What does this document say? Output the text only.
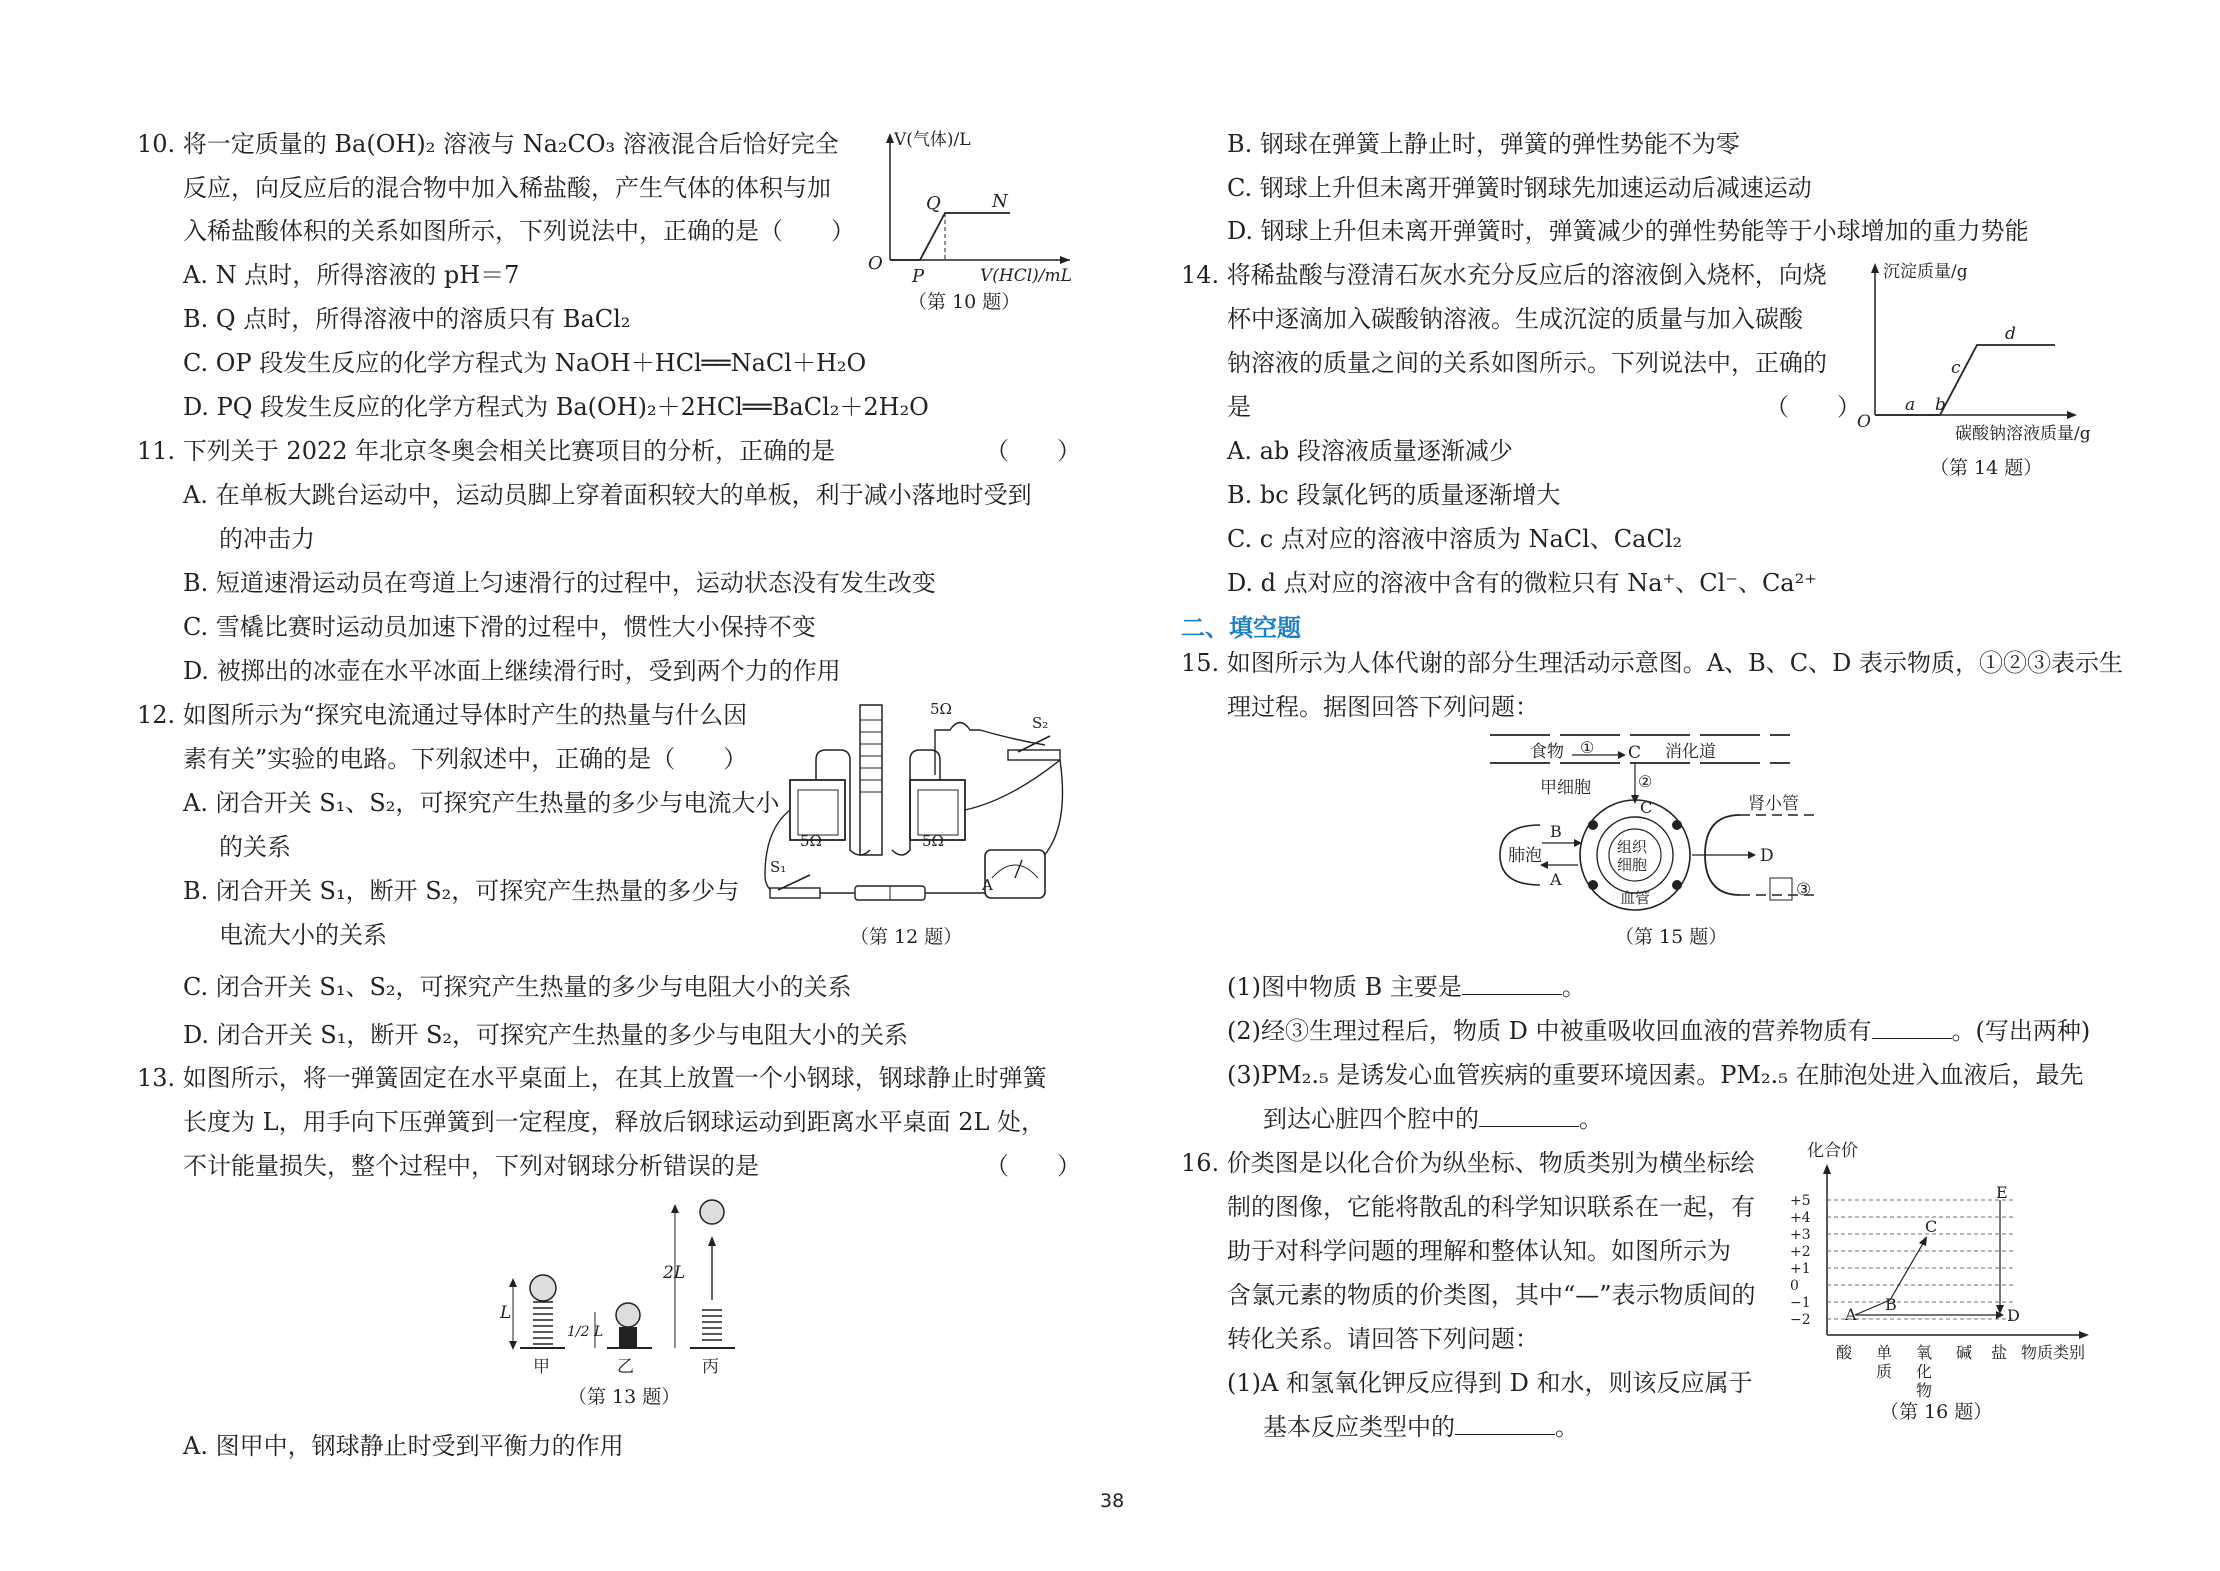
10. 将一定质量的 Ba(OH)₂ 溶液与 Na₂CO₃ 溶液混合后恰好完全
反应，向反应后的混合物中加入稀盐酸，产生气体的体积与加
入稀盐酸体积的关系如图所示，下列说法中，正确的是（　　）
A. N 点时，所得溶液的 pH＝7
B. Q 点时，所得溶液中的溶质只有 BaCl₂
C. OP 段发生反应的化学方程式为 NaOH＋HCl══NaCl＋H₂O
D. PQ 段发生反应的化学方程式为 Ba(OH)₂＋2HCl══BaCl₂＋2H₂O
V(气体)/L
V(HCl)/mL
O
P
Q	N
（第 10 题）
11. 下列关于 2022 年北京冬奥会相关比赛项目的分析，正确的是	（　　）
A. 在单板大跳台运动中，运动员脚上穿着面积较大的单板，利于减小落地时受到
的冲击力
B. 短道速滑运动员在弯道上匀速滑行的过程中，运动状态没有发生改变
C. 雪橇比赛时运动员加速下滑的过程中，惯性大小保持不变
D. 被掷出的冰壶在水平冰面上继续滑行时，受到两个力的作用
12. 如图所示为“探究电流通过导体时产生的热量与什么因
素有关”实验的电路。下列叙述中，正确的是（　　）
A. 闭合开关 S₁、S₂，可探究产生热量的多少与电流大小
的关系
B. 闭合开关 S₁，断开 S₂，可探究产生热量的多少与
电流大小的关系
C. 闭合开关 S₁、S₂，可探究产生热量的多少与电阻大小的关系
D. 闭合开关 S₁，断开 S₂，可探究产生热量的多少与电阻大小的关系
5Ω	5Ω
5Ω
S₂
S₁
A
（第 12 题）
13. 如图所示，将一弹簧固定在水平桌面上，在其上放置一个小钢球，钢球静止时弹簧
长度为 L，用手向下压弹簧到一定程度，释放后钢球运动到距离水平桌面 2L 处，
不计能量损失，整个过程中，下列对钢球分析错误的是	（　　）
L
甲
1/2 L
乙
2L
丙
（第 13 题）
A. 图甲中，钢球静止时受到平衡力的作用
B. 钢球在弹簧上静止时，弹簧的弹性势能不为零
C. 钢球上升但未离开弹簧时钢球先加速运动后减速运动
D. 钢球上升但未离开弹簧时，弹簧减少的弹性势能等于小球增加的重力势能
14. 将稀盐酸与澄清石灰水充分反应后的溶液倒入烧杯，向烧
杯中逐滴加入碳酸钠溶液。生成沉淀的质量与加入碳酸
钠溶液的质量之间的关系如图所示。下列说法中，正确的
是	（　　）
A. ab 段溶液质量逐渐减少
B. bc 段氯化钙的质量逐渐增大
C. c 点对应的溶液中溶质为 NaCl、CaCl₂
D. d 点对应的溶液中含有的微粒只有 Na⁺、Cl⁻、Ca²⁺
沉淀质量/g
碳酸钠溶液质量/g
O
a b
c
d
（第 14 题）
二、填空题
15. 如图所示为人体代谢的部分生理活动示意图。A、B、C、D 表示物质，①②③表示生
理过程。据图回答下列问题：
食物 ① C 消化道
甲细胞	②
C
组织
细胞
血管
肺泡
B
A
肾小管
D
③
（第 15 题）
(1)图中物质 B 主要是	。
(2)经③生理过程后，物质 D 中被重吸收回血液的营养物质有	。(写出两种)
(3)PM₂.₅ 是诱发心血管疾病的重要环境因素。PM₂.₅ 在肺泡处进入血液后，最先
到达心脏四个腔中的	。
16. 价类图是以化合价为纵坐标、物质类别为横坐标绘
制的图像，它能将散乱的科学知识联系在一起，有
助于对科学问题的理解和整体认知。如图所示为
含氯元素的物质的价类图，其中“—”表示物质间的
转化关系。请回答下列问题：
(1)A 和氢氧化钾反应得到 D 和水，则该反应属于
基本反应类型中的	。
化合价
+5
+4
+3
+2
+1
0
−1
−2 A
B
C
D
E
酸 单
质
氧
化
物
碱 盐 物质类别
（第 16 题）
38
